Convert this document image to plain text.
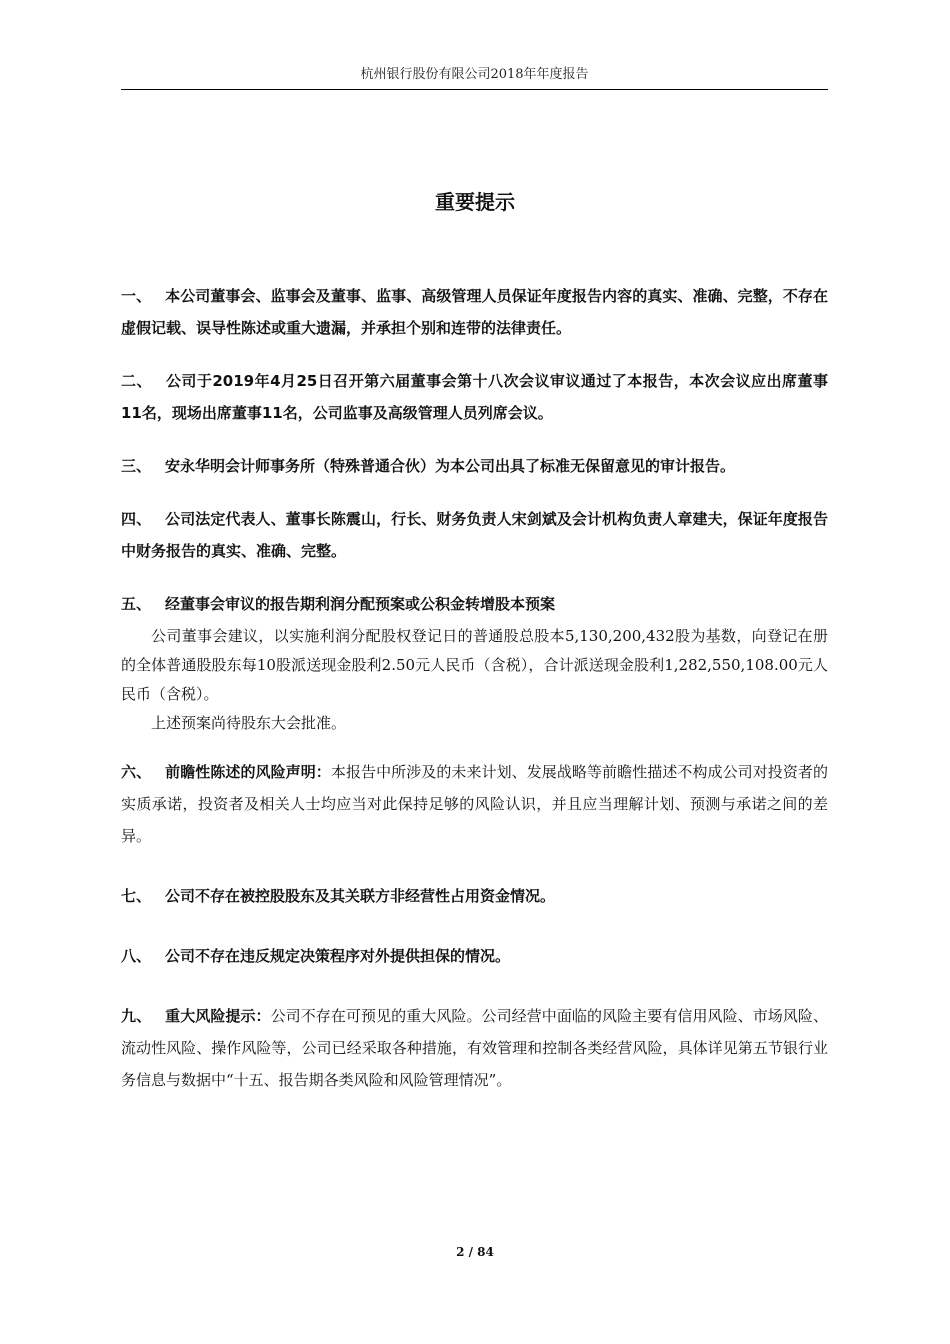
杭州银行股份有限公司2018年年度报告
重要提示

一、 本公司董事会、监事会及董事、监事、高级管理人员保证年度报告内容的真实、准确、完整，不存在虚假记载、误导性陈述或重大遗漏，并承担个别和连带的法律责任。

二、 公司于2019年4月25日召开第六届董事会第十八次会议审议通过了本报告，本次会议应出席董事11名，现场出席董事11名，公司监事及高级管理人员列席会议。

三、 安永华明会计师事务所（特殊普通合伙）为本公司出具了标准无保留意见的审计报告。

四、 公司法定代表人、董事长陈震山，行长、财务负责人宋剑斌及会计机构负责人章建夫，保证年度报告中财务报告的真实、准确、完整。

五、 经董事会审议的报告期利润分配预案或公积金转增股本预案

公司董事会建议，以实施利润分配股权登记日的普通股总股本5,130,200,432股为基数，向登记在册的全体普通股股东每10股派送现金股利2.50元人民币（含税），合计派送现金股利1,282,550,108.00元人民币（含税）。

上述预案尚待股东大会批准。

六、 前瞻性陈述的风险声明：本报告中所涉及的未来计划、发展战略等前瞻性描述不构成公司对投资者的实质承诺，投资者及相关人士均应当对此保持足够的风险认识，并且应当理解计划、预测与承诺之间的差异。

七、 公司不存在被控股股东及其关联方非经营性占用资金情况。

八、 公司不存在违反规定决策程序对外提供担保的情况。

九、 重大风险提示：公司不存在可预见的重大风险。公司经营中面临的风险主要有信用风险、市场风险、流动性风险、操作风险等，公司已经采取各种措施，有效管理和控制各类经营风险，具体详见第五节银行业务信息与数据中“十五、报告期各类风险和风险管理情况”。

2 / 84
